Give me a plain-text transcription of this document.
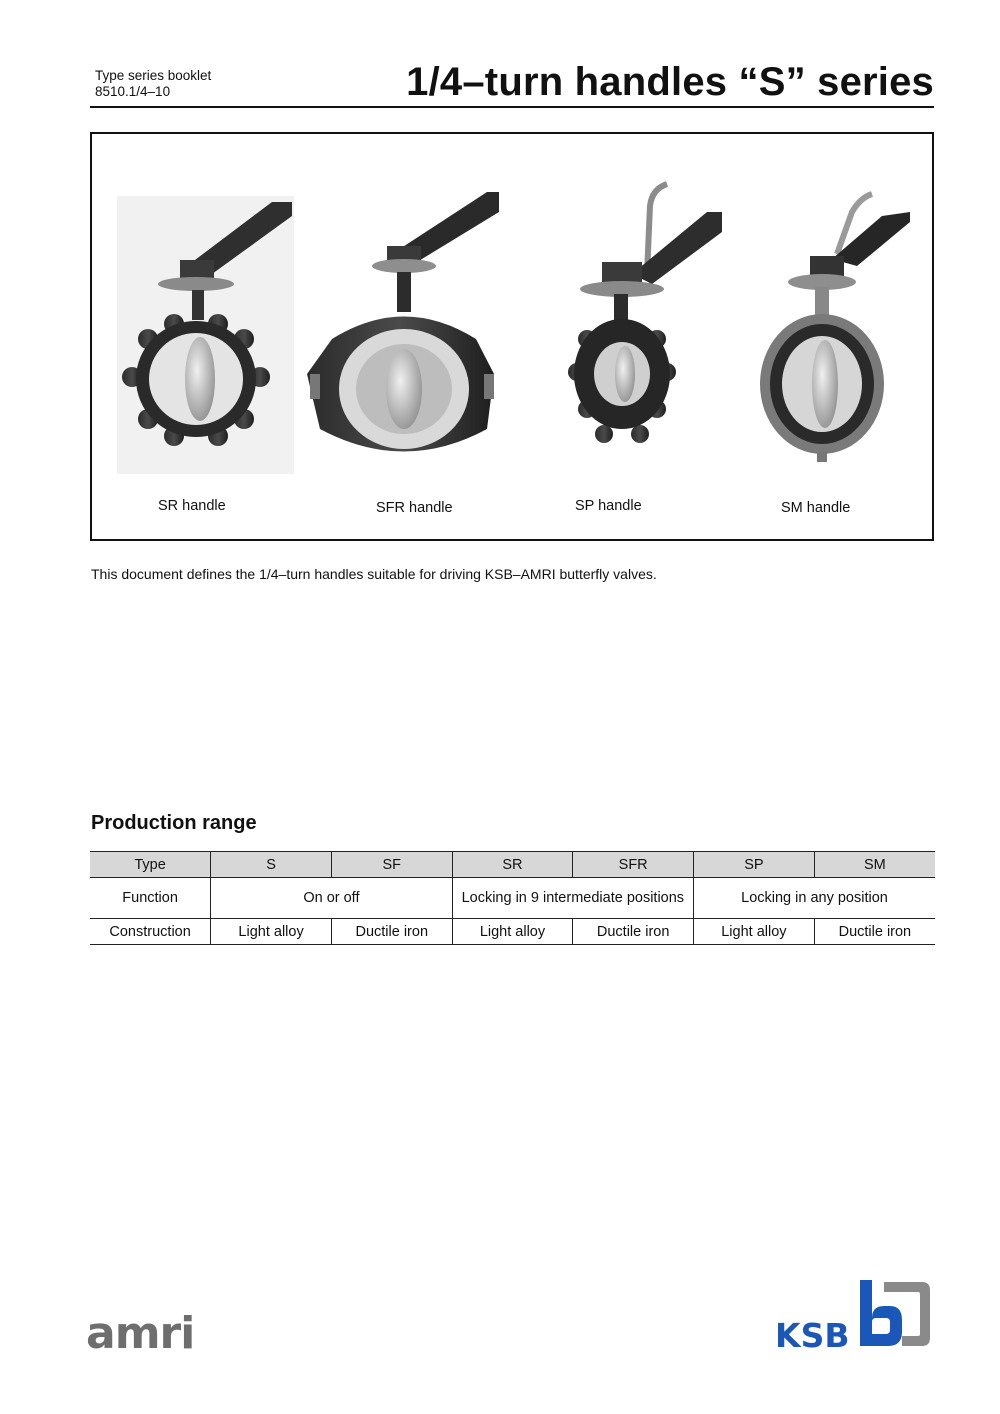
Type series booklet
8510.1/4–10	1/4–turn handles “S” series
SR handle	SFR handle	SP handle	SM handle
This document defines the 1/4–turn handles suitable for driving KSB–AMRI butterfly valves.
Production range
Type	S	SF	SR	SFR	SP	SM
Function	On or off		Locking in 9 intermediate positions		Locking in any position	
Construction	Light alloy	Ductile iron	Light alloy	Ductile iron	Light alloy	Ductile iron
amri	KSB
